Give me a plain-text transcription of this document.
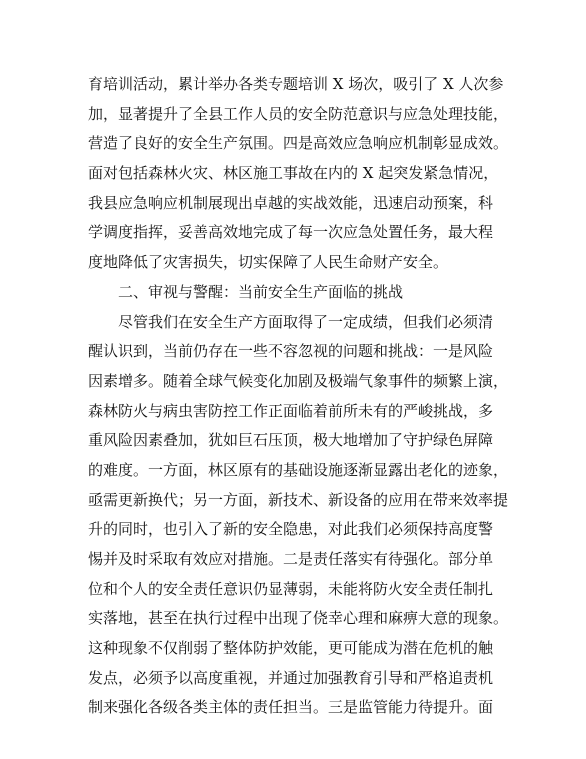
育培训活动，累计举办各类专题培训 X 场次，吸引了 X 人次参
加，显著提升了全县工作人员的安全防范意识与应急处理技能，
营造了良好的安全生产氛围。四是高效应急响应机制彰显成效。
面对包括森林火灾、林区施工事故在内的 X 起突发紧急情况，
我县应急响应机制展现出卓越的实战效能，迅速启动预案，科
学调度指挥，妥善高效地完成了每一次应急处置任务，最大程
度地降低了灾害损失，切实保障了人民生命财产安全。
二、审视与警醒：当前安全生产面临的挑战
尽管我们在安全生产方面取得了一定成绩，但我们必须清
醒认识到，当前仍存在一些不容忽视的问题和挑战：一是风险
因素增多。随着全球气候变化加剧及极端气象事件的频繁上演，
森林防火与病虫害防控工作正面临着前所未有的严峻挑战，多
重风险因素叠加，犹如巨石压顶，极大地增加了守护绿色屏障
的难度。一方面，林区原有的基础设施逐渐显露出老化的迹象，
亟需更新换代；另一方面，新技术、新设备的应用在带来效率提
升的同时，也引入了新的安全隐患，对此我们必须保持高度警
惕并及时采取有效应对措施。二是责任落实有待强化。部分单
位和个人的安全责任意识仍显薄弱，未能将防火安全责任制扎
实落地，甚至在执行过程中出现了侥幸心理和麻痹大意的现象。
这种现象不仅削弱了整体防护效能，更可能成为潜在危机的触
发点，必须予以高度重视，并通过加强教育引导和严格追责机
制来强化各级各类主体的责任担当。三是监管能力待提升。面
